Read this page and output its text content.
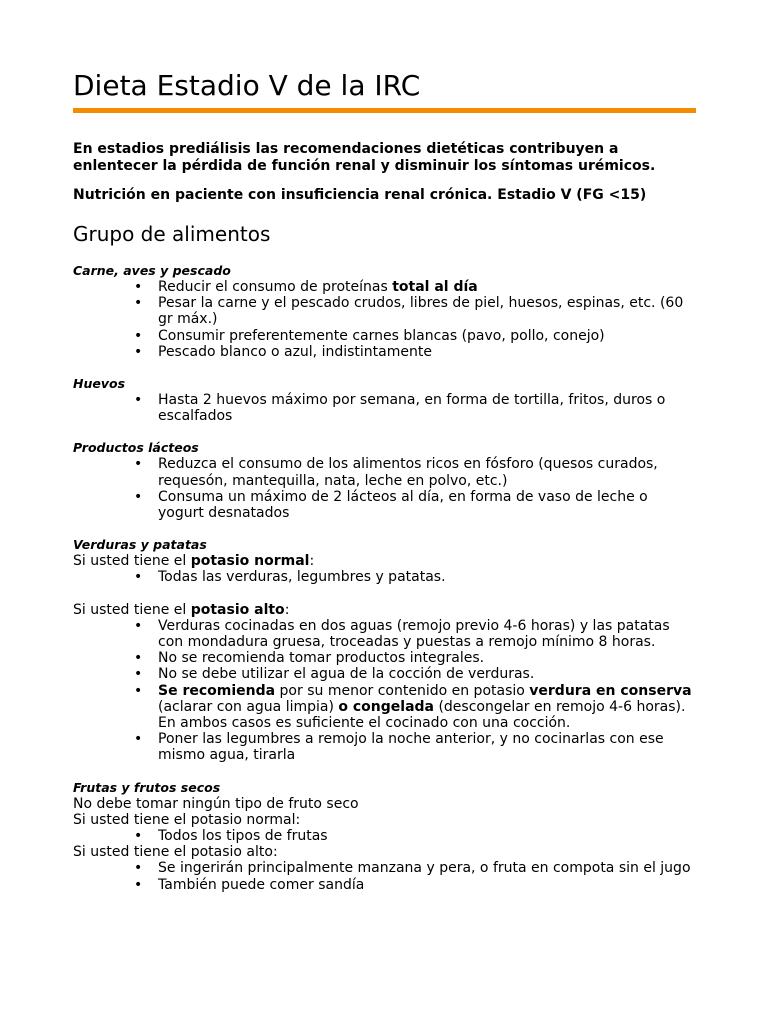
Dieta Estadio V de la IRC

En estadios prediálisis las recomendaciones dietéticas contribuyen a enlentecer la pérdida de función renal y disminuir los síntomas urémicos.

Nutrición en paciente con insuficiencia renal crónica. Estadio V (FG <15)

Grupo de alimentos

Carne, aves y pescado

• Reducir el consumo de proteínas total al día
• Pesar la carne y el pescado crudos, libres de piel, huesos, espinas, etc. (60 gr máx.)
• Consumir preferentemente carnes blancas (pavo, pollo, conejo)
• Pescado blanco o azul, indistintamente

Huevos

• Hasta 2 huevos máximo por semana, en forma de tortilla, fritos, duros o escalfados

Productos lácteos

• Reduzca el consumo de los alimentos ricos en fósforo (quesos curados, requesón, mantequilla, nata, leche en polvo, etc.)
• Consuma un máximo de 2 lácteos al día, en forma de vaso de leche o yogurt desnatados

Verduras y patatas

Si usted tiene el potasio normal:

• Todas las verduras, legumbres y patatas.

Si usted tiene el potasio alto:

• Verduras cocinadas en dos aguas (remojo previo 4-6 horas) y las patatas con mondadura gruesa, troceadas y puestas a remojo mínimo 8 horas.
• No se recomienda tomar productos integrales.
• No se debe utilizar el agua de la cocción de verduras.
• Se recomienda por su menor contenido en potasio verdura en conserva (aclarar con agua limpia) o congelada (descongelar en remojo 4-6 horas). En ambos casos es suficiente el cocinado con una cocción.
• Poner las legumbres a remojo la noche anterior, y no cocinarlas con ese mismo agua, tirarla

Frutas y frutos secos

No debe tomar ningún tipo de fruto seco

Si usted tiene el potasio normal:

• Todos los tipos de frutas

Si usted tiene el potasio alto:

• Se ingerirán principalmente manzana y pera, o fruta en compota sin el jugo
• También puede comer sandía
